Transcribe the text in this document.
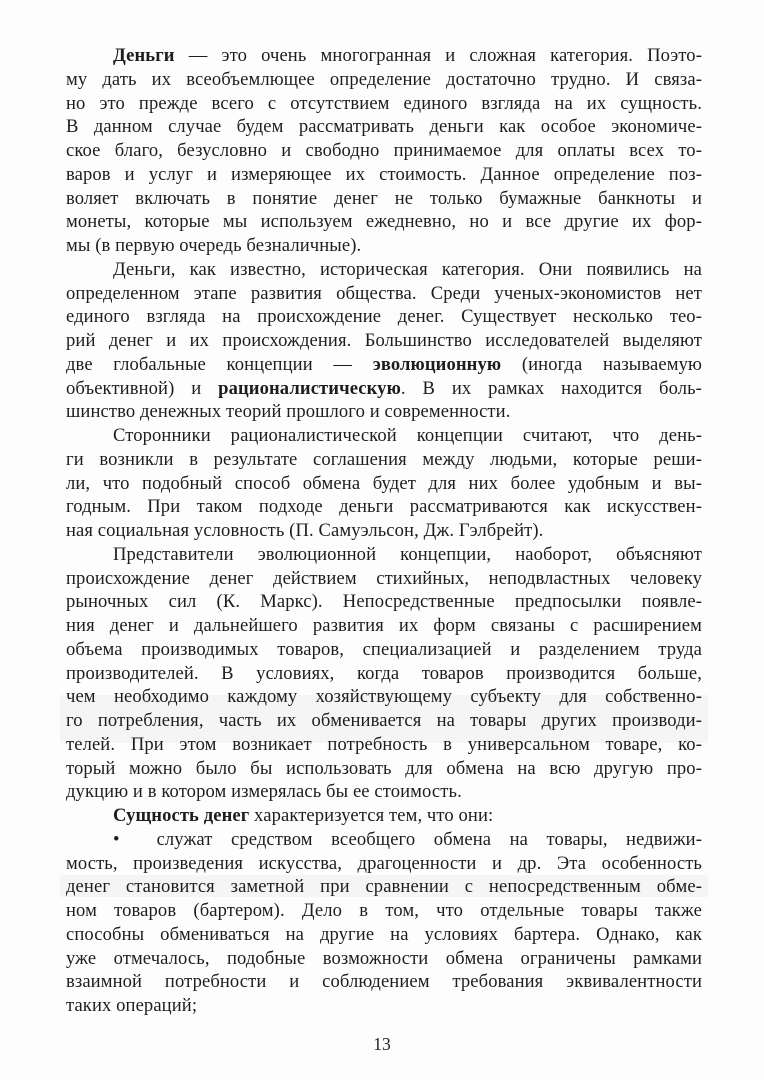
Деньги — это очень многогранная и сложная категория. Поэто-
му дать их всеобъемлющее определение достаточно трудно. И связа-
но это прежде всего с отсутствием единого взгляда на их сущность.
В данном случае будем рассматривать деньги как особое экономиче-
ское благо, безусловно и свободно принимаемое для оплаты всех то-
варов и услуг и измеряющее их стоимость. Данное определение поз-
воляет включать в понятие денег не только бумажные банкноты и
монеты, которые мы используем ежедневно, но и все другие их фор-
мы (в первую очередь безналичные).
Деньги, как известно, историческая категория. Они появились на
определенном этапе развития общества. Среди ученых-экономистов нет
единого взгляда на происхождение денег. Существует несколько тео-
рий денег и их происхождения. Большинство исследователей выделяют
две глобальные концепции — эволюционную (иногда называемую
объективной) и рационалистическую. В их рамках находится боль-
шинство денежных теорий прошлого и современности.
Сторонники рационалистической концепции считают, что день-
ги возникли в результате соглашения между людьми, которые реши-
ли, что подобный способ обмена будет для них более удобным и вы-
годным. При таком подходе деньги рассматриваются как искусствен-
ная социальная условность (П. Самуэльсон, Дж. Гэлбрейт).
Представители эволюционной концепции, наоборот, объясняют
происхождение денег действием стихийных, неподвластных человеку
рыночных сил (К. Маркс). Непосредственные предпосылки появле-
ния денег и дальнейшего развития их форм связаны с расширением
объема производимых товаров, специализацией и разделением труда
производителей. В условиях, когда товаров производится больше,
чем необходимо каждому хозяйствующему субъекту для собственно-
го потребления, часть их обменивается на товары других производи-
телей. При этом возникает потребность в универсальном товаре, ко-
торый можно было бы использовать для обмена на всю другую про-
дукцию и в котором измерялась бы ее стоимость.
Сущность денег характеризуется тем, что они:
•  служат средством всеобщего обмена на товары, недвижи-
мость, произведения искусства, драгоценности и др. Эта особенность
денег становится заметной при сравнении с непосредственным обме-
ном товаров (бартером). Дело в том, что отдельные товары также
способны обмениваться на другие на условиях бартера. Однако, как
уже отмечалось, подобные возможности обмена ограничены рамками
взаимной потребности и соблюдением требования эквивалентности
таких операций;
13
